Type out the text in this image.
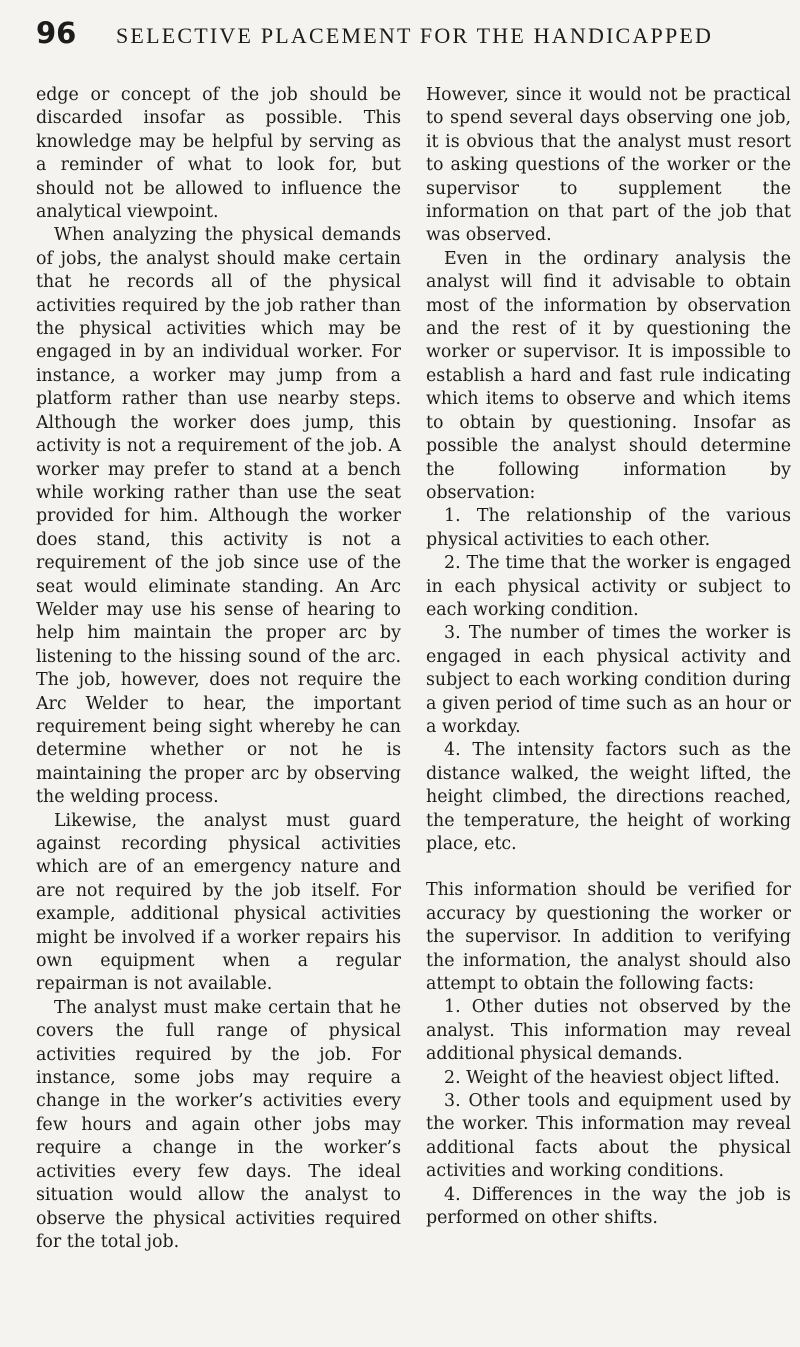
96	SELECTIVE PLACEMENT FOR THE HANDICAPPED

edge or concept of the job should be discarded insofar as possible. This knowledge may be helpful by serving as a reminder of what to look for, but should not be allowed to influence the analytical viewpoint.

When analyzing the physical demands of jobs, the analyst should make certain that he records all of the physical activities required by the job rather than the physical activities which may be engaged in by an individual worker. For instance, a worker may jump from a platform rather than use nearby steps. Although the worker does jump, this activity is not a requirement of the job. A worker may prefer to stand at a bench while working rather than use the seat provided for him. Although the worker does stand, this activity is not a requirement of the job since use of the seat would eliminate standing. An Arc Welder may use his sense of hearing to help him maintain the proper arc by listening to the hissing sound of the arc. The job, however, does not require the Arc Welder to hear, the important requirement being sight whereby he can determine whether or not he is maintaining the proper arc by observing the welding process.

Likewise, the analyst must guard against recording physical activities which are of an emergency nature and are not required by the job itself. For example, additional physical activities might be involved if a worker repairs his own equipment when a regular repairman is not available.

The analyst must make certain that he covers the full range of physical activities required by the job. For instance, some jobs may require a change in the worker’s activities every few hours and again other jobs may require a change in the worker’s activities every few days. The ideal situation would allow the analyst to observe the physical activities required for the total job.

However, since it would not be practical to spend several days observing one job, it is obvious that the analyst must resort to asking questions of the worker or the supervisor to supplement the information on that part of the job that was observed.

Even in the ordinary analysis the analyst will find it advisable to obtain most of the information by observation and the rest of it by questioning the worker or supervisor. It is impossible to establish a hard and fast rule indicating which items to observe and which items to obtain by questioning. Insofar as possible the analyst should determine the following information by observation:

1. The relationship of the various physical activities to each other.

2. The time that the worker is engaged in each physical activity or subject to each working condition.

3. The number of times the worker is engaged in each physical activity and subject to each working condition during a given period of time such as an hour or a workday.

4. The intensity factors such as the distance walked, the weight lifted, the height climbed, the directions reached, the temperature, the height of working place, etc.

This information should be verified for accuracy by questioning the worker or the supervisor. In addition to verifying the information, the analyst should also attempt to obtain the following facts:

1. Other duties not observed by the analyst. This information may reveal additional physical demands.

2. Weight of the heaviest object lifted.

3. Other tools and equipment used by the worker. This information may reveal additional facts about the physical activities and working conditions.

4. Differences in the way the job is performed on other shifts.
